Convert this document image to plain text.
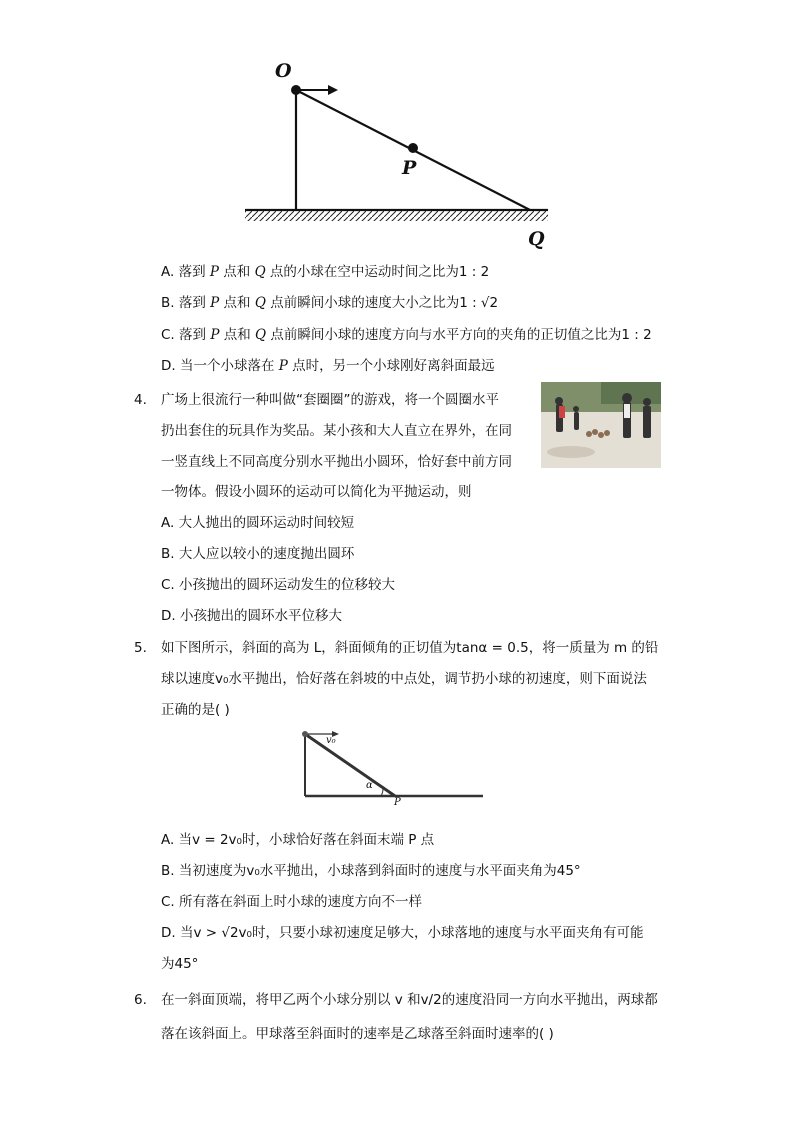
O
P
Q
A. 落到 P 点和 Q 点的小球在空中运动时间之比为1 : 2
B. 落到 P 点和 Q 点前瞬间小球的速度大小之比为1 : √2
C. 落到 P 点和 Q 点前瞬间小球的速度方向与水平方向的夹角的正切值之比为1 : 2
D. 当一个小球落在 P 点时，另一个小球刚好离斜面最远
4. 广场上很流行一种叫做“套圈圈”的游戏，将一个圆圈水平
扔出套住的玩具作为奖品。某小孩和大人直立在界外，在同
一竖直线上不同高度分别水平抛出小圆环，恰好套中前方同
一物体。假设小圆环的运动可以简化为平抛运动，则
A. 大人抛出的圆环运动时间较短
B. 大人应以较小的速度抛出圆环
C. 小孩抛出的圆环运动发生的位移较大
D. 小孩抛出的圆环水平位移大
5. 如下图所示，斜面的高为 L，斜面倾角的正切值为tanα = 0.5，将一质量为 m 的铅
球以速度v₀水平抛出，恰好落在斜坡的中点处，调节扔小球的初速度，则下面说法
正确的是( )
v₀
α
P
A. 当v = 2v₀时，小球恰好落在斜面末端 P 点
B. 当初速度为v₀水平抛出，小球落到斜面时的速度与水平面夹角为45°
C. 所有落在斜面上时小球的速度方向不一样
D. 当v > √2v₀时，只要小球初速度足够大，小球落地的速度与水平面夹角有可能
为45°
6. 在一斜面顶端，将甲乙两个小球分别以 v 和v/2的速度沿同一方向水平抛出，两球都
落在该斜面上。甲球落至斜面时的速率是乙球落至斜面时速率的( )
